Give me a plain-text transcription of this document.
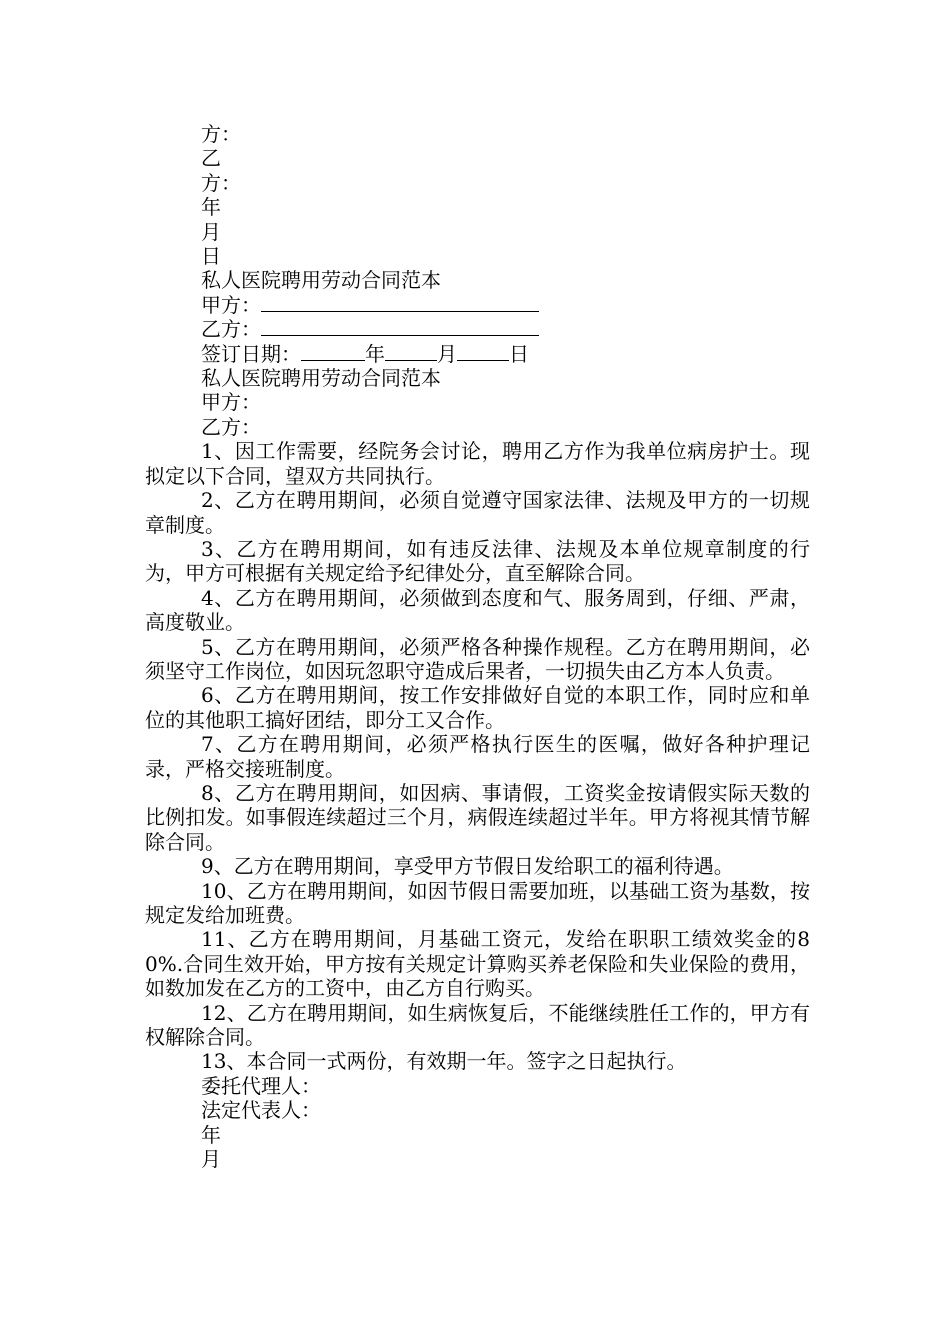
方：
乙
方：
年
月
日
私人医院聘用劳动合同范本
甲方：
乙方：
签订日期：	年	月	日
私人医院聘用劳动合同范本
甲方：
乙方：
1、因工作需要，经院务会讨论，聘用乙方作为我单位病房护士。现拟定以下合同，望双方共同执行。
2、乙方在聘用期间，必须自觉遵守国家法律、法规及甲方的一切规章制度。
3、乙方在聘用期间，如有违反法律、法规及本单位规章制度的行为，甲方可根据有关规定给予纪律处分，直至解除合同。
4、乙方在聘用期间，必须做到态度和气、服务周到，仔细、严肃，高度敬业。
5、乙方在聘用期间，必须严格各种操作规程。乙方在聘用期间，必须坚守工作岗位，如因玩忽职守造成后果者，一切损失由乙方本人负责。
6、乙方在聘用期间，按工作安排做好自觉的本职工作，同时应和单位的其他职工搞好团结，即分工又合作。
7、乙方在聘用期间，必须严格执行医生的医嘱，做好各种护理记录，严格交接班制度。
8、乙方在聘用期间，如因病、事请假，工资奖金按请假实际天数的比例扣发。如事假连续超过三个月，病假连续超过半年。甲方将视其情节解除合同。
9、乙方在聘用期间，享受甲方节假日发给职工的福利待遇。
10、乙方在聘用期间，如因节假日需要加班，以基础工资为基数，按规定发给加班费。
11、乙方在聘用期间，月基础工资元，发给在职职工绩效奖金的80%.合同生效开始，甲方按有关规定计算购买养老保险和失业保险的费用，如数加发在乙方的工资中，由乙方自行购买。
12、乙方在聘用期间，如生病恢复后，不能继续胜任工作的，甲方有权解除合同。
13、本合同一式两份，有效期一年。签字之日起执行。
委托代理人：
法定代表人：
年
月
